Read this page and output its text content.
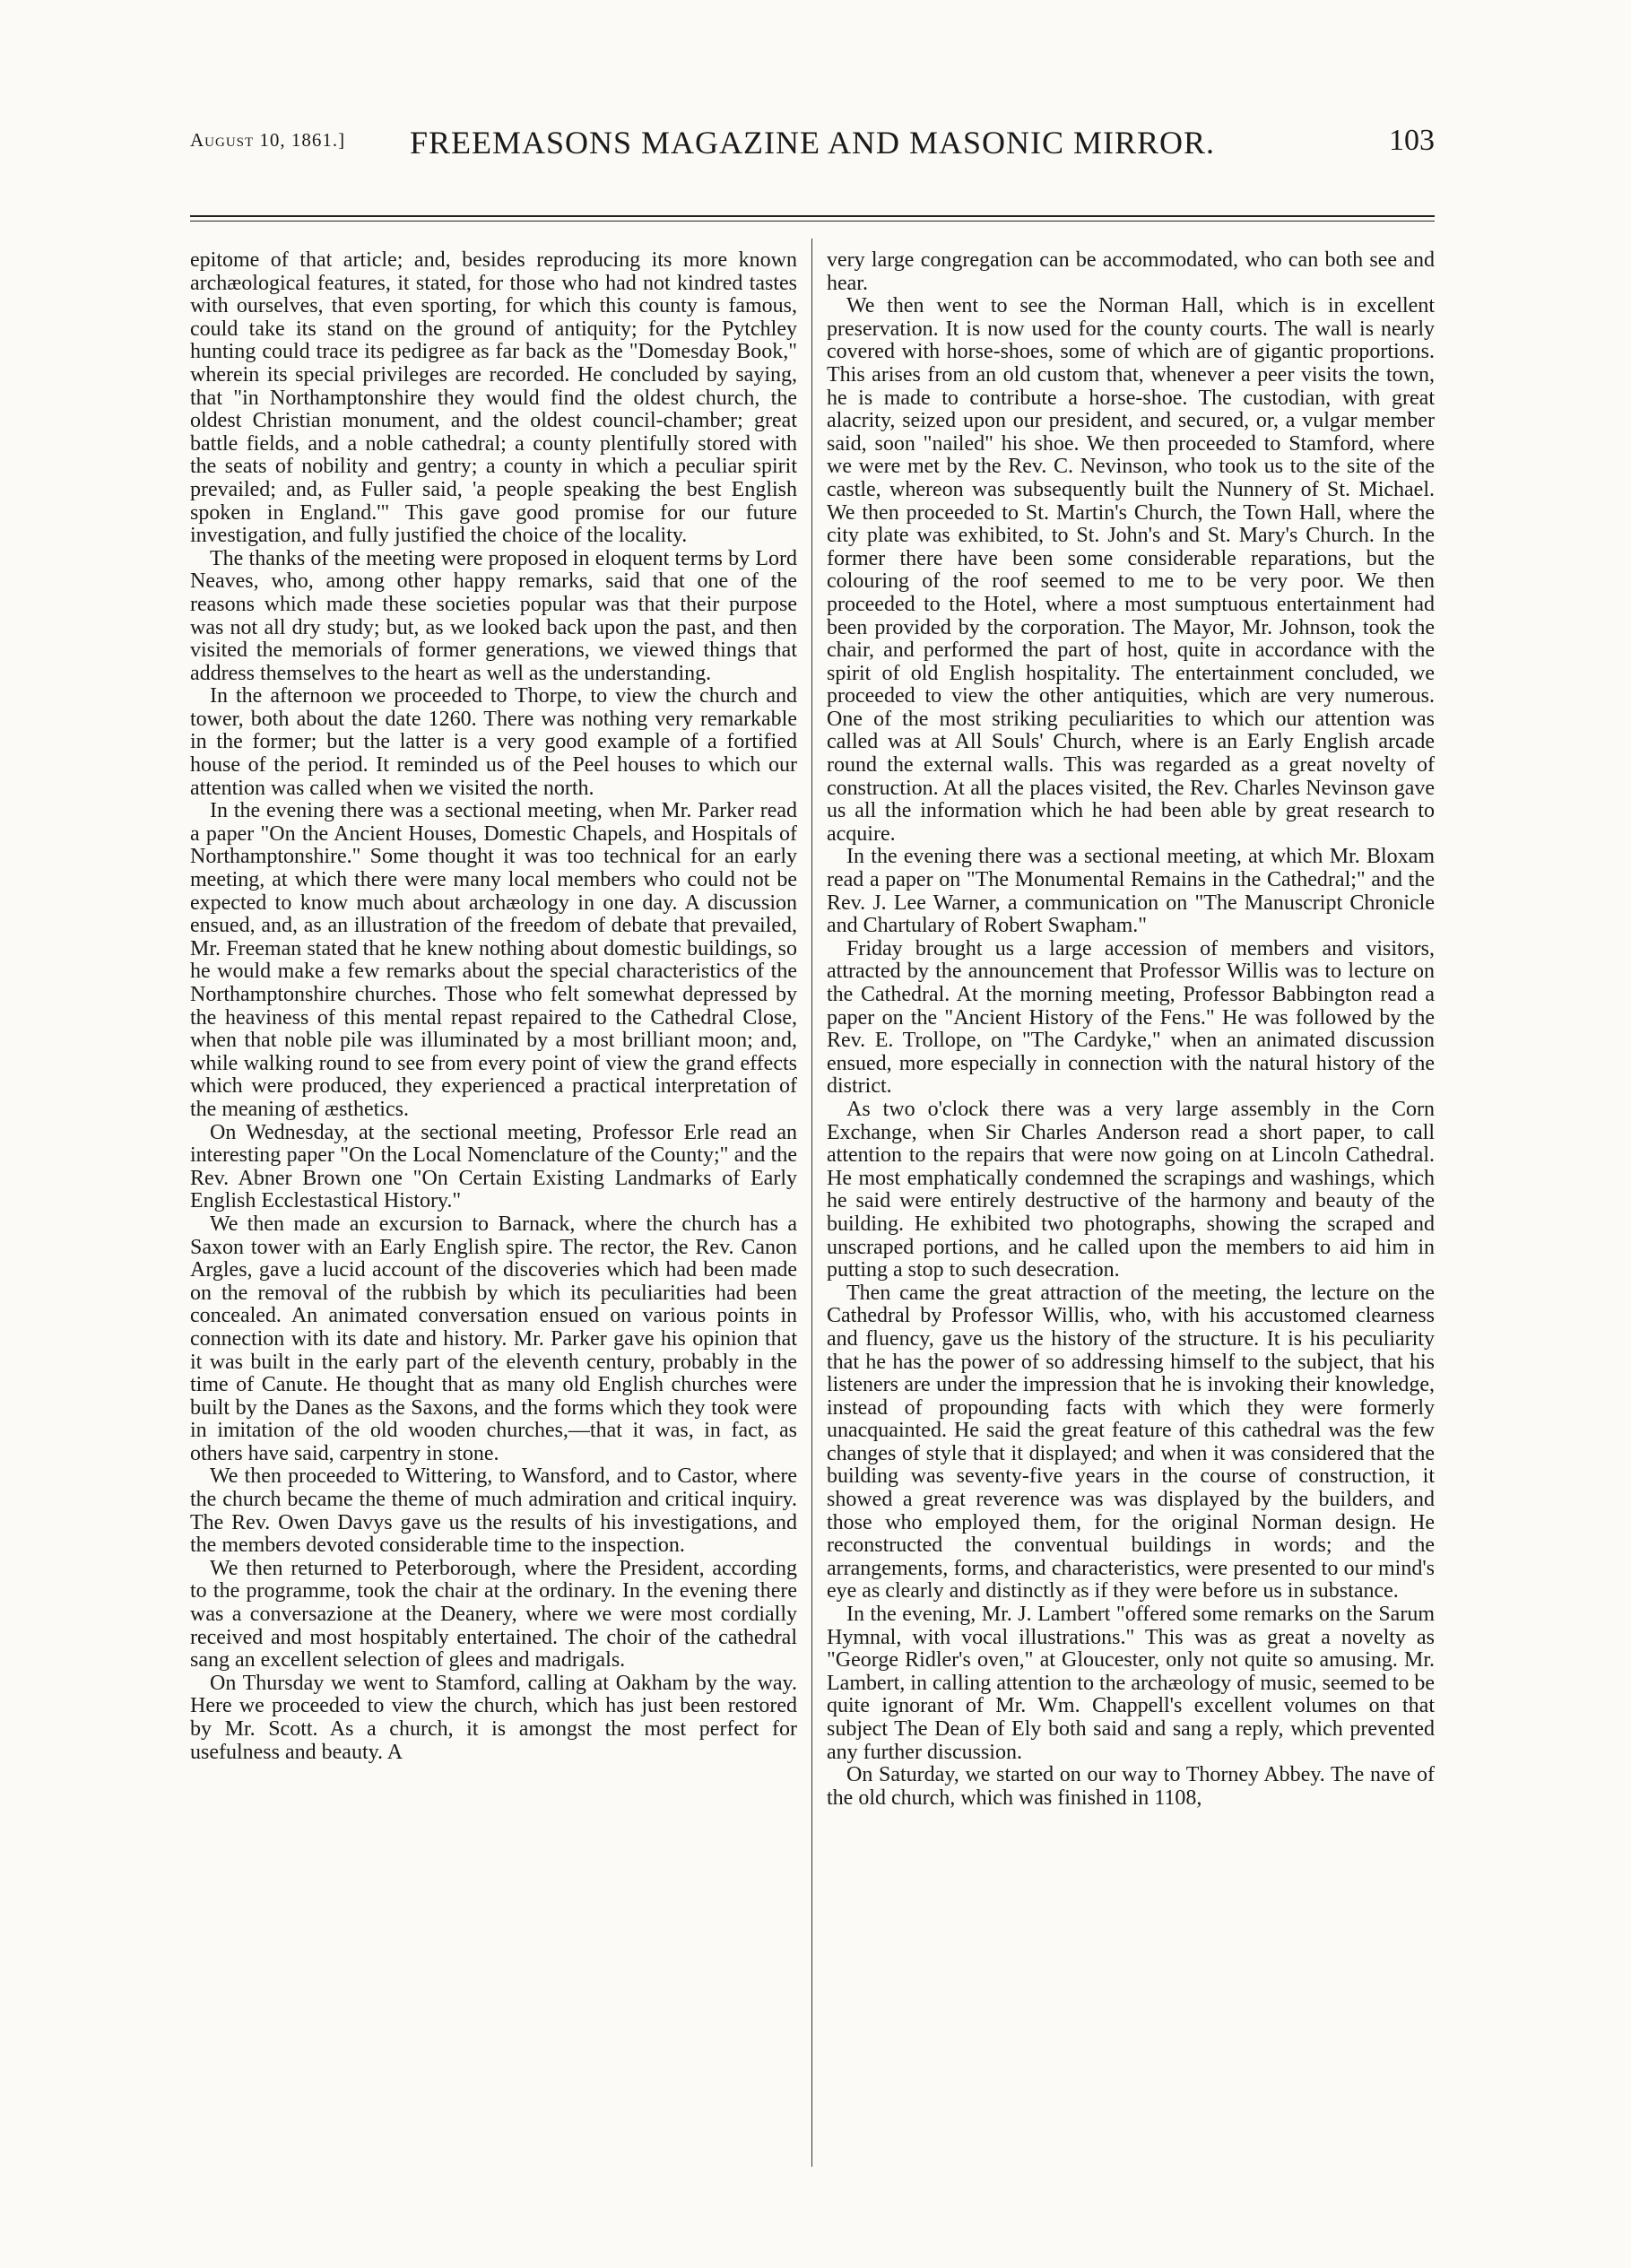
August 10, 1861.]	FREEMASONS MAGAZINE AND MASONIC MIRROR.	103

epitome of that article; and, besides reproducing its more known archæological features, it stated, for those who had not kindred tastes with ourselves, that even sporting, for which this county is famous, could take its stand on the ground of antiquity; for the Pytchley hunting could trace its pedigree as far back as the "Domesday Book," wherein its special privileges are recorded. He concluded by saying, that "in Northamptonshire they would find the oldest church, the oldest Christian monument, and the oldest council-chamber; great battle fields, and a noble cathedral; a county plentifully stored with the seats of nobility and gentry; a county in which a peculiar spirit prevailed; and, as Fuller said, 'a people speaking the best English spoken in England.'" This gave good promise for our future investigation, and fully justified the choice of the locality.

The thanks of the meeting were proposed in eloquent terms by Lord Neaves, who, among other happy remarks, said that one of the reasons which made these societies popular was that their purpose was not all dry study; but, as we looked back upon the past, and then visited the memorials of former generations, we viewed things that address themselves to the heart as well as the understanding.

In the afternoon we proceeded to Thorpe, to view the church and tower, both about the date 1260. There was nothing very remarkable in the former; but the latter is a very good example of a fortified house of the period. It reminded us of the Peel houses to which our attention was called when we visited the north.

In the evening there was a sectional meeting, when Mr. Parker read a paper "On the Ancient Houses, Domestic Chapels, and Hospitals of Northamptonshire." Some thought it was too technical for an early meeting, at which there were many local members who could not be expected to know much about archæology in one day. A discussion ensued, and, as an illustration of the freedom of debate that prevailed, Mr. Freeman stated that he knew nothing about domestic buildings, so he would make a few remarks about the special characteristics of the Northamptonshire churches. Those who felt somewhat depressed by the heaviness of this mental repast repaired to the Cathedral Close, when that noble pile was illuminated by a most brilliant moon; and, while walking round to see from every point of view the grand effects which were produced, they experienced a practical interpretation of the meaning of æsthetics.

On Wednesday, at the sectional meeting, Professor Erle read an interesting paper "On the Local Nomenclature of the County;" and the Rev. Abner Brown one "On Certain Existing Landmarks of Early English Ecclestastical History."

We then made an excursion to Barnack, where the church has a Saxon tower with an Early English spire. The rector, the Rev. Canon Argles, gave a lucid account of the discoveries which had been made on the removal of the rubbish by which its peculiarities had been concealed. An animated conversation ensued on various points in connection with its date and history. Mr. Parker gave his opinion that it was built in the early part of the eleventh century, probably in the time of Canute. He thought that as many old English churches were built by the Danes as the Saxons, and the forms which they took were in imitation of the old wooden churches,—that it was, in fact, as others have said, carpentry in stone.

We then proceeded to Wittering, to Wansford, and to Castor, where the church became the theme of much admiration and critical inquiry. The Rev. Owen Davys gave us the results of his investigations, and the members devoted considerable time to the inspection.

We then returned to Peterborough, where the President, according to the programme, took the chair at the ordinary. In the evening there was a conversazione at the Deanery, where we were most cordially received and most hospitably entertained. The choir of the cathedral sang an excellent selection of glees and madrigals.

On Thursday we went to Stamford, calling at Oakham by the way. Here we proceeded to view the church, which has just been restored by Mr. Scott. As a church, it is amongst the most perfect for usefulness and beauty. A

very large congregation can be accommodated, who can both see and hear.

We then went to see the Norman Hall, which is in excellent preservation. It is now used for the county courts. The wall is nearly covered with horse-shoes, some of which are of gigantic proportions. This arises from an old custom that, whenever a peer visits the town, he is made to contribute a horse-shoe. The custodian, with great alacrity, seized upon our president, and secured, or, a vulgar member said, soon "nailed" his shoe. We then proceeded to Stamford, where we were met by the Rev. C. Nevinson, who took us to the site of the castle, whereon was subsequently built the Nunnery of St. Michael. We then proceeded to St. Martin's Church, the Town Hall, where the city plate was exhibited, to St. John's and St. Mary's Church. In the former there have been some considerable reparations, but the colouring of the roof seemed to me to be very poor. We then proceeded to the Hotel, where a most sumptuous entertainment had been provided by the corporation. The Mayor, Mr. Johnson, took the chair, and performed the part of host, quite in accordance with the spirit of old English hospitality. The entertainment concluded, we proceeded to view the other antiquities, which are very numerous. One of the most striking peculiarities to which our attention was called was at All Souls' Church, where is an Early English arcade round the external walls. This was regarded as a great novelty of construction. At all the places visited, the Rev. Charles Nevinson gave us all the information which he had been able by great research to acquire.

In the evening there was a sectional meeting, at which Mr. Bloxam read a paper on "The Monumental Remains in the Cathedral;" and the Rev. J. Lee Warner, a communication on "The Manuscript Chronicle and Chartulary of Robert Swapham."

Friday brought us a large accession of members and visitors, attracted by the announcement that Professor Willis was to lecture on the Cathedral. At the morning meeting, Professor Babbington read a paper on the "Ancient History of the Fens." He was followed by the Rev. E. Trollope, on "The Cardyke," when an animated discussion ensued, more especially in connection with the natural history of the district.

As two o'clock there was a very large assembly in the Corn Exchange, when Sir Charles Anderson read a short paper, to call attention to the repairs that were now going on at Lincoln Cathedral. He most emphatically condemned the scrapings and washings, which he said were entirely destructive of the harmony and beauty of the building. He exhibited two photographs, showing the scraped and unscraped portions, and he called upon the members to aid him in putting a stop to such desecration.

Then came the great attraction of the meeting, the lecture on the Cathedral by Professor Willis, who, with his accustomed clearness and fluency, gave us the history of the structure. It is his peculiarity that he has the power of so addressing himself to the subject, that his listeners are under the impression that he is invoking their knowledge, instead of propounding facts with which they were formerly unacquainted. He said the great feature of this cathedral was the few changes of style that it displayed; and when it was considered that the building was seventy-five years in the course of construction, it showed a great reverence was was displayed by the builders, and those who employed them, for the original Norman design. He reconstructed the conventual buildings in words; and the arrangements, forms, and characteristics, were presented to our mind's eye as clearly and distinctly as if they were before us in substance.

In the evening, Mr. J. Lambert "offered some remarks on the Sarum Hymnal, with vocal illustrations." This was as great a novelty as "George Ridler's oven," at Gloucester, only not quite so amusing. Mr. Lambert, in calling attention to the archæology of music, seemed to be quite ignorant of Mr. Wm. Chappell's excellent volumes on that subject The Dean of Ely both said and sang a reply, which prevented any further discussion.

On Saturday, we started on our way to Thorney Abbey. The nave of the old church, which was finished in 1108,
